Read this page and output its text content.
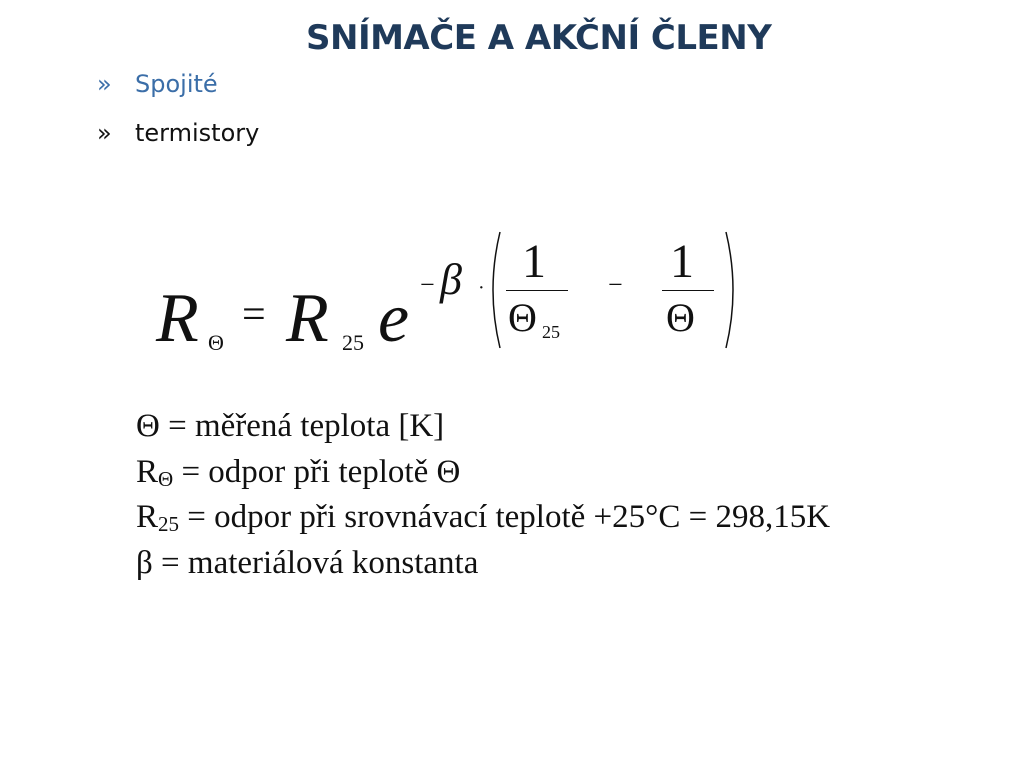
SNÍMAČE A AKČNÍ ČLENY
» Spojité
» termistory
R Θ
= R 25 e − β · 1
Θ 25
− 1
Θ
Θ = měřená teplota [K]
$R_\Theta$ = odpor při teplotě Θ
$R_{25}$ = odpor při srovnávací teplotě +25°C = 298,15K
β = materiálová konstanta
